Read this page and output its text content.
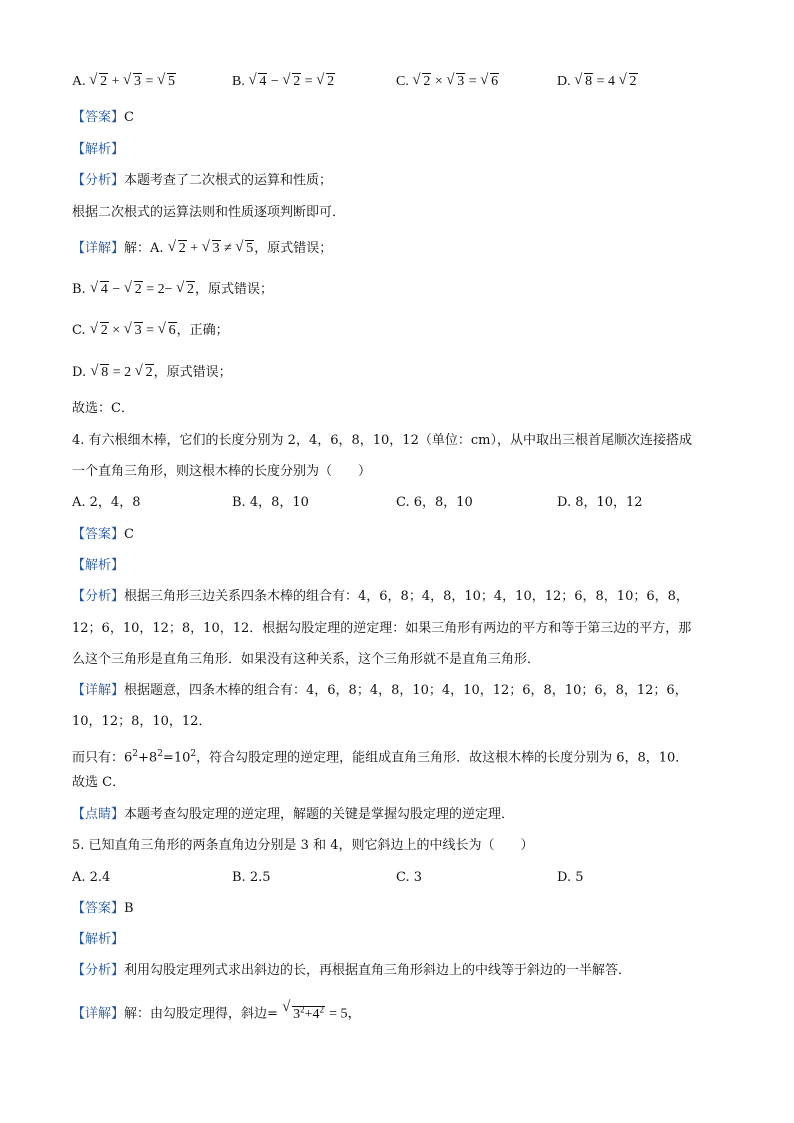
A. √ 2 + √ 3 = √ 5	B. √ 4 − √ 2 = √ 2	C. √ 2 × √ 3 = √ 6	D. √ 8 = 4 √ 2
【答案】C
【解析】
【分析】本题考查了二次根式的运算和性质；
根据二次根式的运算法则和性质逐项判断即可．
【详解】解：A. √ 2 + √ 3 ≠ √ 5，原式错误；
B. √ 4 − √ 2 = 2− √ 2，原式错误；
C. √ 2 × √ 3 = √ 6，正确；
D. √ 8 = 2 √ 2，原式错误；
故选：C．
4. 有六根细木棒，它们的长度分别为 2，4，6，8，10，12（单位：cm），从中取出三根首尾顺次连接搭成
一个直角三角形，则这根木棒的长度分别为（　　）
A. 2，4，8	B. 4，8，10	C. 6，8，10	D. 8，10，12
【答案】C
【解析】
【分析】根据三角形三边关系四条木棒的组合有：4，6，8；4，8，10；4，10，12；6，8，10；6，8，
12；6，10，12；8，10，12．根据勾股定理的逆定理：如果三角形有两边的平方和等于第三边的平方，那
么这个三角形是直角三角形．如果没有这种关系，这个三角形就不是直角三角形．
【详解】根据题意，四条木棒的组合有：4，6，8；4，8，10；4，10，12；6，8，10；6，8，12；6，
10，12；8，10，12．
而只有：$6^2+8^2=10^2$，符合勾股定理的逆定理，能组成直角三角形．故这根木棒的长度分别为 6，8，10．
故选 C．
【点睛】本题考查勾股定理的逆定理，解题的关键是掌握勾股定理的逆定理．
5. 已知直角三角形的两条直角边分别是 3 和 4，则它斜边上的中线长为（　　）
A. 2.4	B. 2.5	C. 3	D. 5
【答案】B
【解析】
【分析】利用勾股定理列式求出斜边的长，再根据直角三角形斜边上的中线等于斜边的一半解答．
【详解】解：由勾股定理得，斜边= √ $3^2+4^2 = 5$，
